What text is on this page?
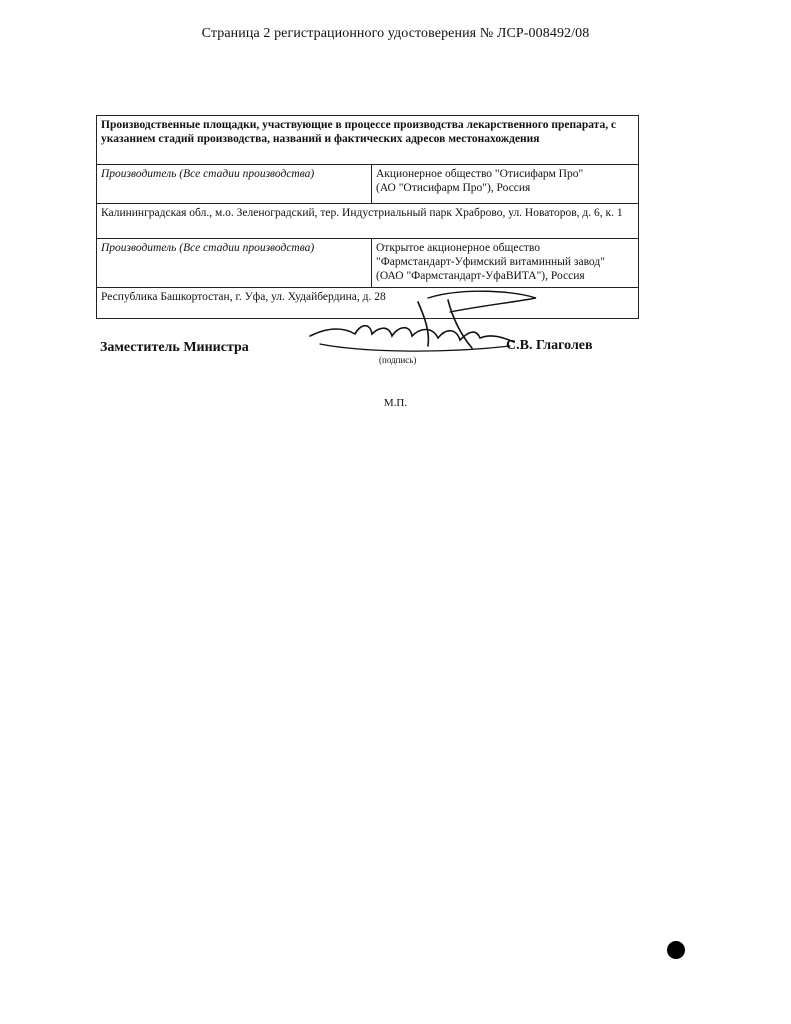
Страница 2 регистрационного удостоверения № ЛСР-008492/08
Производственные площадки, участвующие в процессе производства лекарственного препарата, с указанием стадий производства, названий и фактических адресов местонахождения	
Производитель (Все стадии производства)	Акционерное общество "Отисифарм Про"
(АО "Отисифарм Про"), Россия

Калининградская обл., м.о. Зеленоградский, тер. Индустриальный парк Храброво, ул. Новаторов, д. 6, к. 1	
Производитель (Все стадии производства)	Открытое акционерное общество
"Фармстандарт-Уфимский витаминный завод"
(ОАО "Фармстандарт-УфаВИТА"), Россия

Республика Башкортостан, г. Уфа, ул. Худайбердина, д. 28	
Заместитель Министра	С.В. Глаголев
(подпись)
М.П.
